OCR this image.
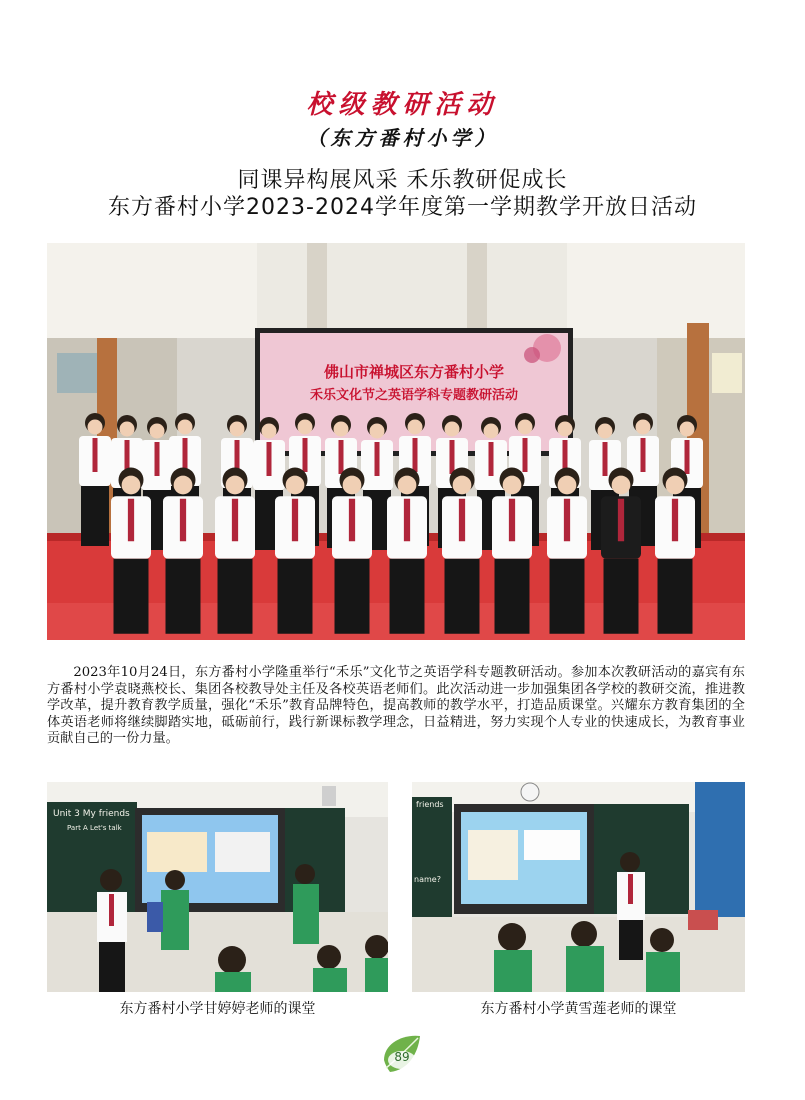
校级教研活动
（东方番村小学）
同课异构展风采 禾乐教研促成长
东方番村小学2023-2024学年度第一学期教学开放日活动
佛山市禅城区东方番村小学
禾乐文化节之英语学科专题教研活动
2023年10月24日，东方番村小学隆重举行“禾乐”文化节之英语学科专题教研活动。参加本次教研活动的嘉宾有东方番村小学袁晓燕校长、集团各校教导处主任及各校英语老师们。此次活动进一步加强集团各学校的教研交流，推进教学改革，提升教育教学质量，强化“禾乐”教育品牌特色，提高教师的教学水平，打造品质课堂。兴耀东方教育集团的全体英语老师将继续脚踏实地，砥砺前行，践行新课标教学理念，日益精进，努力实现个人专业的快速成长，为教育事业贡献自己的一份力量。
Unit 3 My friends
Part A Let's talk
friends
name?
东方番村小学甘婷婷老师的课堂	东方番村小学黄雪莲老师的课堂
89
